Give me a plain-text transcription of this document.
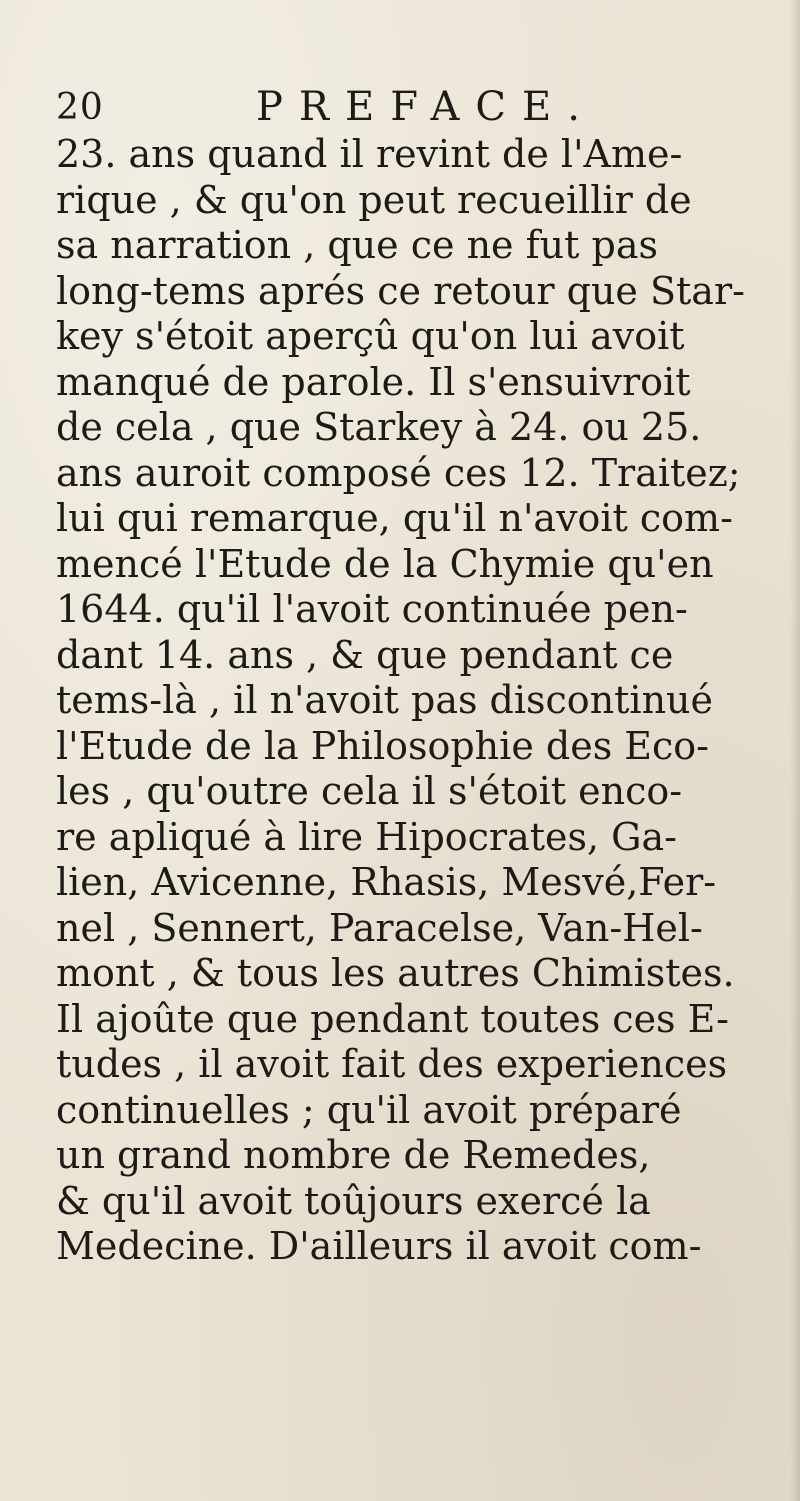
20	PREFACE.
23. ans quand il revint de l'Ame-
rique , & qu'on peut recueillir de
sa narration , que ce ne fut pas
long-tems aprés ce retour que Star-
key s'étoit aperçû qu'on lui avoit
manqué de parole. Il s'ensuivroit
de cela , que Starkey à 24. ou 25.
ans auroit composé ces 12. Traitez;
lui qui remarque, qu'il n'avoit com-
mencé l'Etude de la Chymie qu'en
1644. qu'il l'avoit continuée pen-
dant 14. ans , & que pendant ce
tems-là , il n'avoit pas discontinué
l'Etude de la Philosophie des Eco-
les , qu'outre cela il s'étoit enco-
re apliqué à lire Hipocrates, Ga-
lien, Avicenne, Rhasis, Mesvé,Fer-
nel , Sennert, Paracelse, Van-Hel-
mont , & tous les autres Chimistes.
Il ajoûte que pendant toutes ces E-
tudes , il avoit fait des experiences
continuelles ; qu'il avoit préparé
un grand nombre de Remedes,
& qu'il avoit toûjours exercé la
Medecine. D'ailleurs il avoit com-
